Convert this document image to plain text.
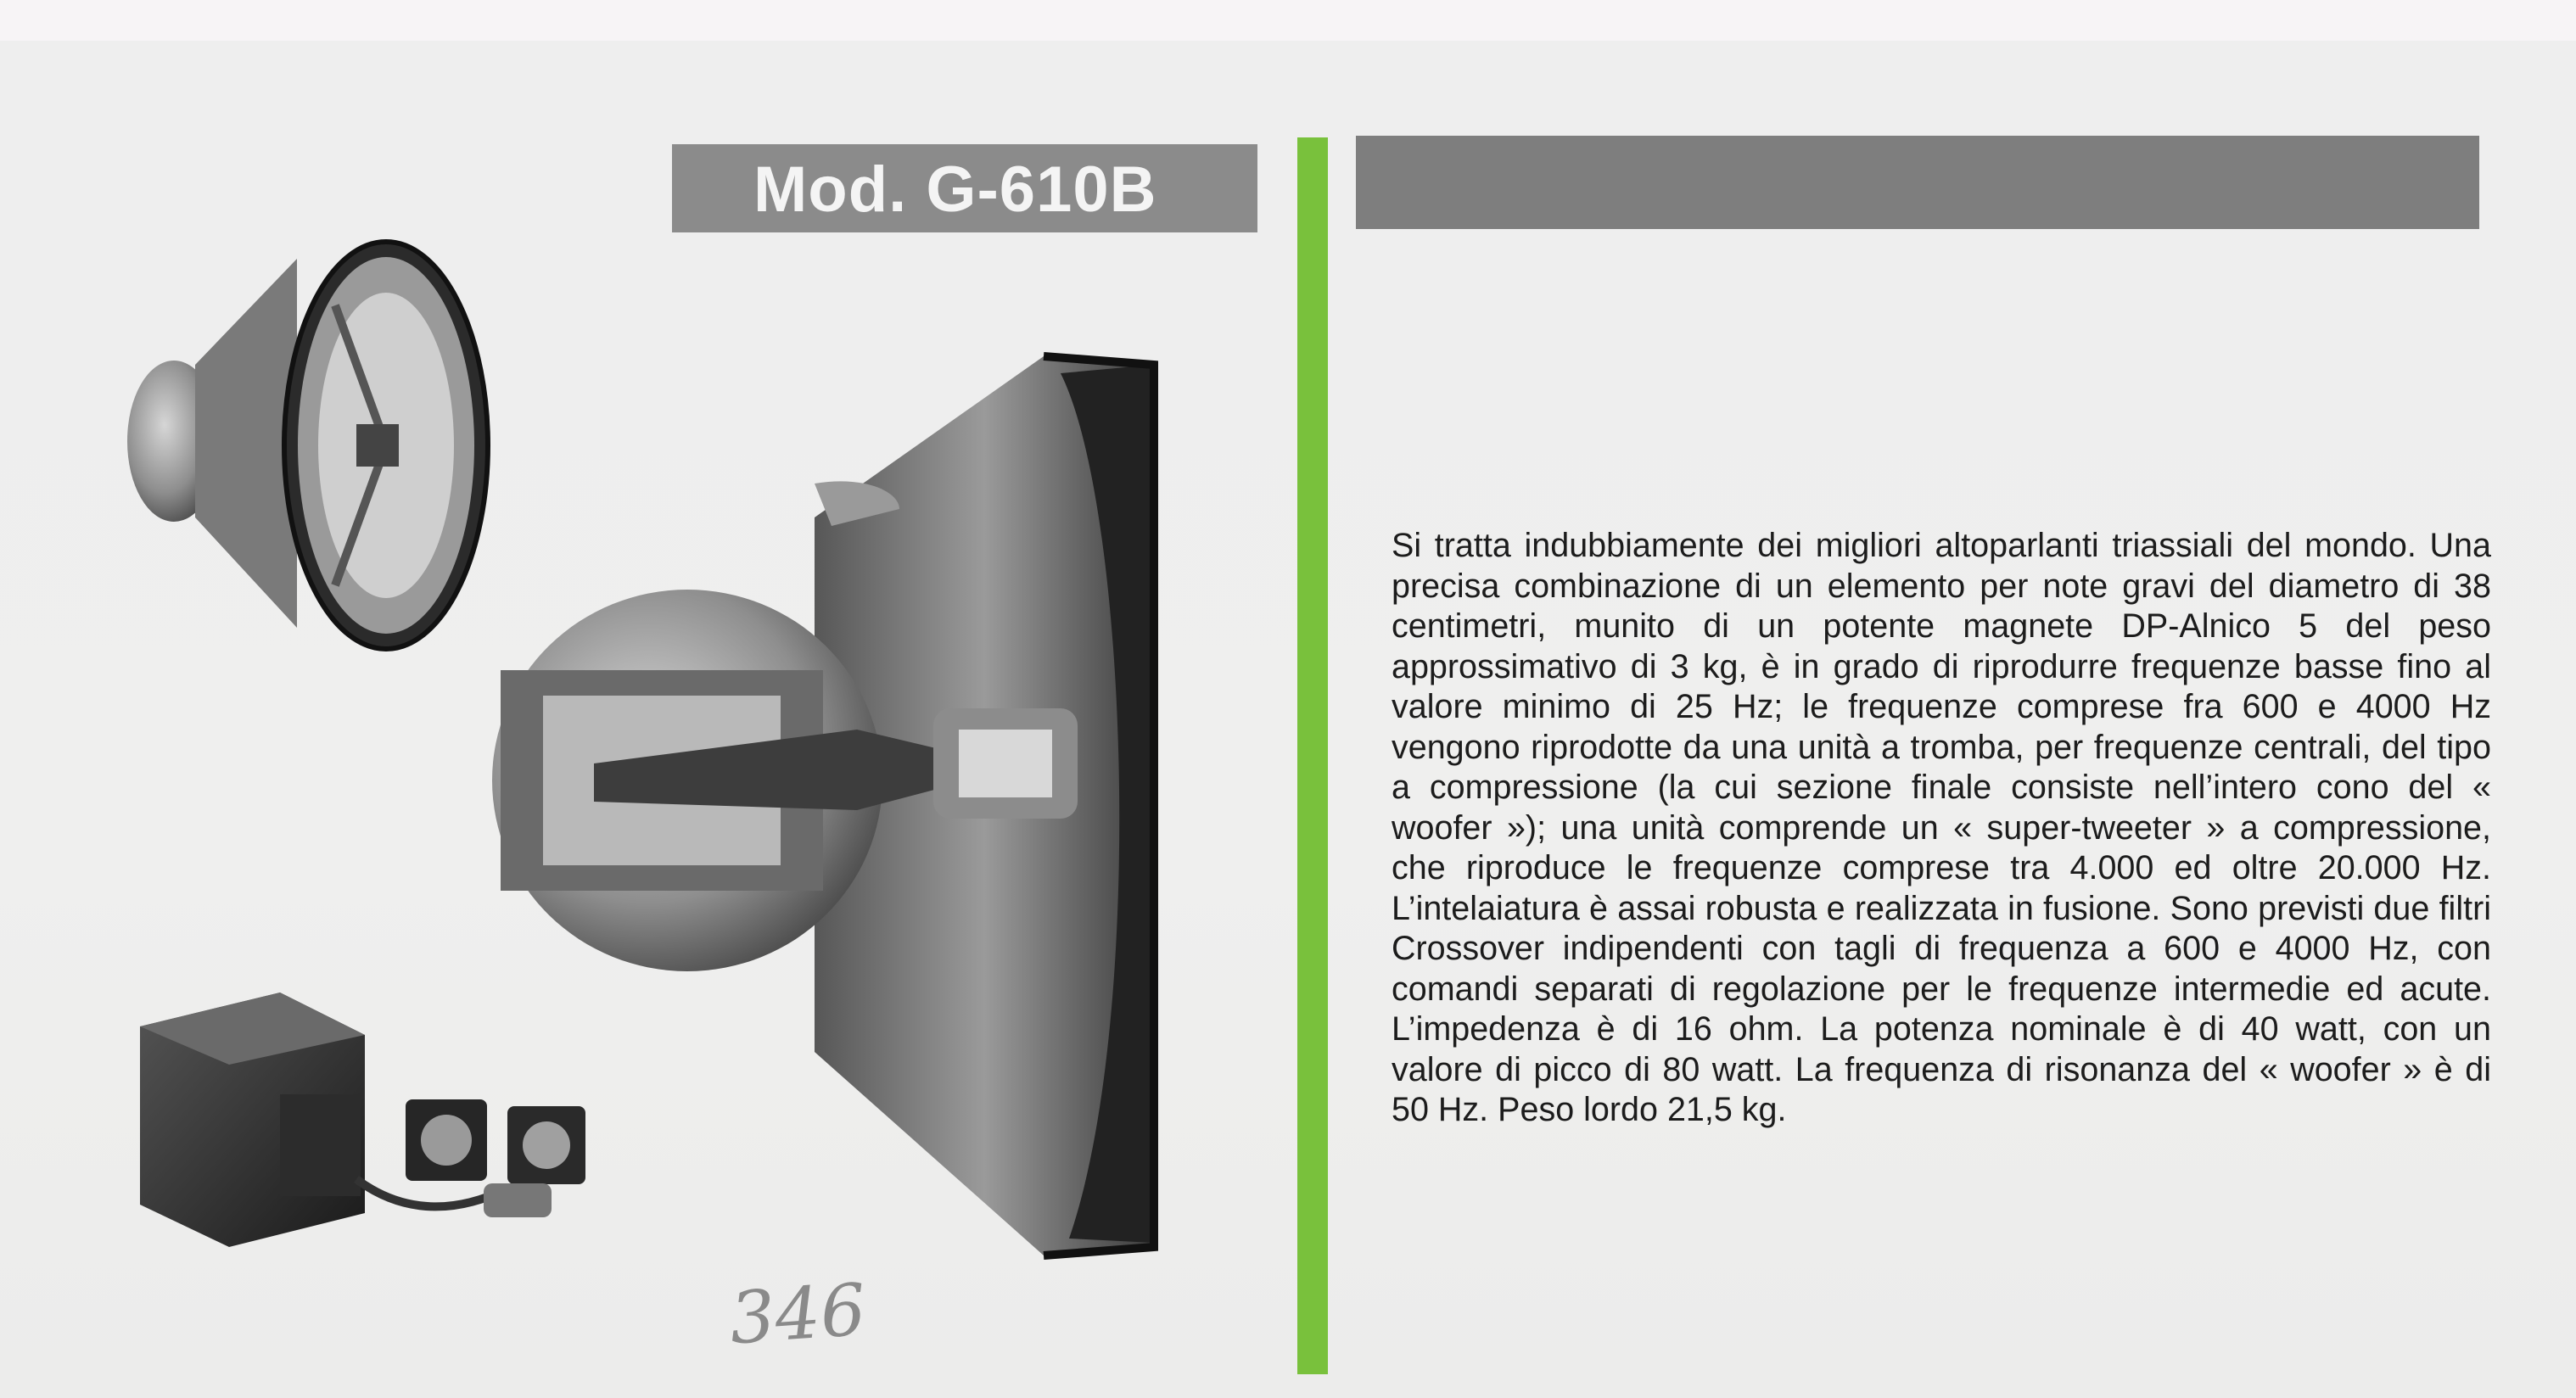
Mod. G-610B
Si tratta indubbiamente dei migliori altoparlanti triassiali del mondo. Una precisa combinazione di un elemento per note gravi del diametro di 38 centimetri, munito di un potente magnete DP-Alnico 5 del peso approssimativo di 3 kg, è in grado di riprodurre frequenze basse fino al valore minimo di 25 Hz; le frequenze comprese fra 600 e 4000 Hz vengono riprodotte da una unità a tromba, per frequenze centrali, del tipo a compressione (la cui sezione finale consiste nell’intero cono del « woofer »); una unità comprende un « super-tweeter » a compressione, che riproduce le frequenze comprese tra 4.000 ed oltre 20.000 Hz. L’intelaiatura è assai robusta e realizzata in fusione. Sono previsti due filtri Crossover indipendenti con tagli di frequenza a 600 e 4000 Hz, con comandi separati di regolazione per le frequenze intermedie ed acute. L’impedenza è di 16 ohm. La potenza nominale è di 40 watt, con un valore di picco di 80 watt. La frequenza di risonanza del « woofer » è di 50 Hz. Peso lordo 21,5 kg.
346
